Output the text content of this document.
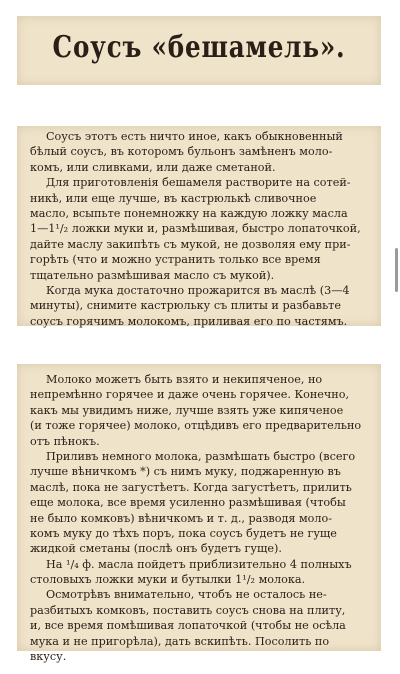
Соусъ «бешамель».
Соусъ этотъ есть ничто иное, какъ обыкновенный
бѣлый соусъ, въ которомъ бульонъ замѣненъ моло-
комъ, или сливками, или даже сметаной.
Для приготовленія бешамеля растворите на сотей-
никѣ, или еще лучше, въ кастрюлькѣ сливочное
масло, всыпьте понемножку на каждую ложку масла
1—1¹/₂ ложки муки и, размѣшивая, быстро лопаточкой,
дайте маслу закипѣть съ мукой, не дозволяя ему при-
горѣть (что и можно устранить только все время
тщательно размѣшивая масло съ мукой).
Когда мука достаточно прожарится въ маслѣ (3—4
минуты), снимите кастрюльку съ плиты и разбавьте
соусъ горячимъ молокомъ, приливая его по частямъ.
Молоко можетъ быть взято и некипяченое, но
непремѣнно горячее и даже очень горячее. Конечно,
какъ мы увидимъ ниже, лучше взять уже кипяченое
(и тоже горячее) молоко, отцѣдивъ его предварительно
отъ пѣнокъ.
Приливъ немного молока, размѣшать быстро (всего
лучше вѣничкомъ *) съ нимъ муку, поджаренную въ
маслѣ, пока не загустѣетъ. Когда загустѣетъ, прилить
еще молока, все время усиленно размѣшивая (чтобы
не было комковъ) вѣничкомъ и т. д., разводя моло-
комъ муку до тѣхъ поръ, пока соусъ будетъ не гуще
жидкой сметаны (послѣ онъ будетъ гуще).
На ¹/₄ ф. масла пойдетъ приблизительно 4 полныхъ
столовыхъ ложки муки и бутылки 1¹/₂ молока.
Осмотрѣвъ внимательно, чтобъ не осталось не-
разбитыхъ комковъ, поставить соусъ снова на плиту,
и, все время помѣшивая лопаточкой (чтобы не осѣла
мука и не пригорѣла), дать вскипѣть. Посолить по
вкусу.
